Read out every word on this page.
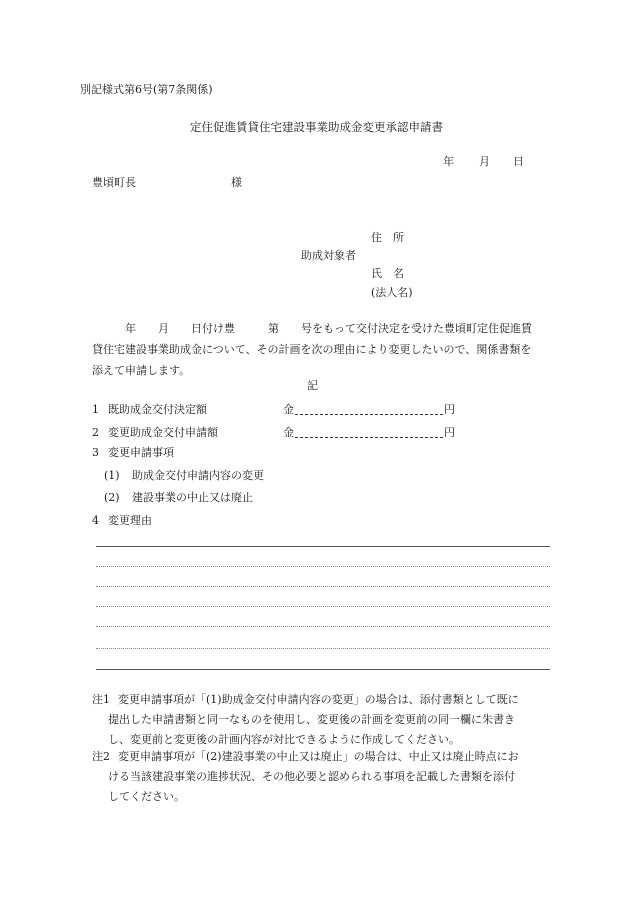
別記様式第6号(第7条関係)
定住促進賃貸住宅建設事業助成金変更承認申請書
年 月 日
豊頃町長	様
住　所
助成対象者
氏　名
(法人名)
　　　年　　月　　日付け豊　　　第　　号をもって交付決定を受けた豊頃町定住促進賃
貸住宅建設事業助成金について、その計画を次の理由により変更したいので、関係書類を
添えて申請します。
記
1 既助成金交付決定額	金	円
2 変更助成金交付申請額	金	円
3 変更申請事項
(1) 助成金交付申請内容の変更
(2) 建設事業の中止又は廃止
4 変更理由
注1 変更申請事項が「(1)助成金交付申請内容の変更」の場合は、添付書類として既に
提出した申請書類と同一なものを使用し、変更後の計画を変更前の同一欄に朱書き
し、変更前と変更後の計画内容が対比できるように作成してください。
注2 変更申請事項が「(2)建設事業の中止又は廃止」の場合は、中止又は廃止時点にお
ける当該建設事業の進捗状況、その他必要と認められる事項を記載した書類を添付
してください。
